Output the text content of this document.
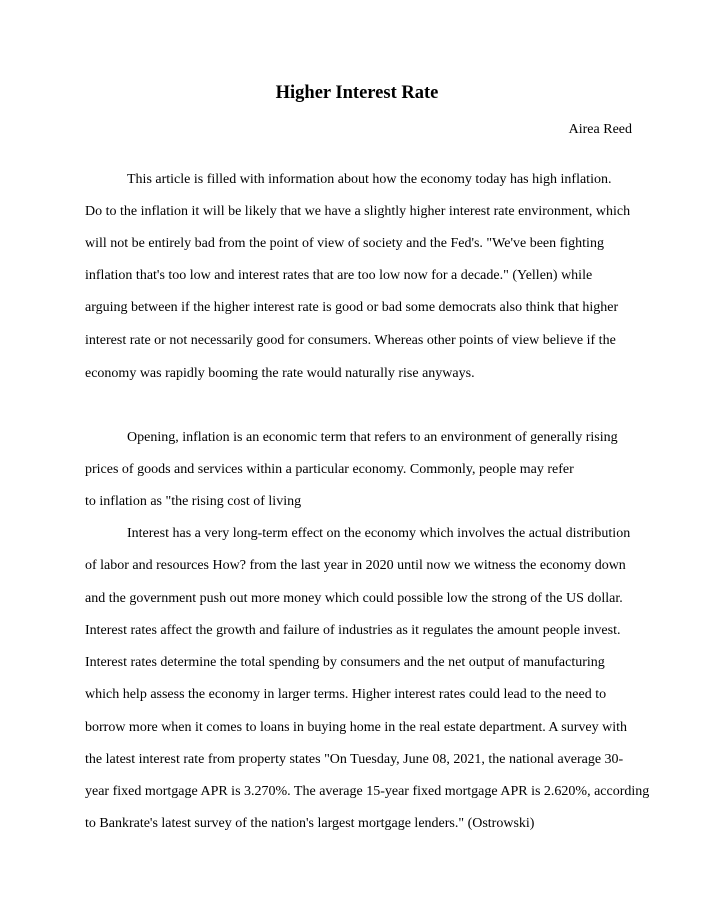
Higher Interest Rate
Airea Reed
This article is filled with information about how the economy today has high inflation.
Do to the inflation it will be likely that we have a slightly higher interest rate environment, which
will not be entirely bad from the point of view of society and the Fed's. "We've been fighting
inflation that's too low and interest rates that are too low now for a decade." (Yellen) while
arguing between if the higher interest rate is good or bad some democrats also think that higher
interest rate or not necessarily good for consumers. Whereas other points of view believe if the
economy was rapidly booming the rate would naturally rise anyways.
Opening, inflation is an economic term that refers to an environment of generally rising
prices of goods and services within a particular economy. Commonly, people may refer
to inflation as "the rising cost of living
Interest has a very long-term effect on the economy which involves the actual distribution
of labor and resources How? from the last year in 2020 until now we witness the economy down
and the government push out more money which could possible low the strong of the US dollar.
Interest rates affect the growth and failure of industries as it regulates the amount people invest.
Interest rates determine the total spending by consumers and the net output of manufacturing
which help assess the economy in larger terms. Higher interest rates could lead to the need to
borrow more when it comes to loans in buying home in the real estate department. A survey with
the latest interest rate from property states "On Tuesday, June 08, 2021, the national average 30-
year fixed mortgage APR is 3.270%. The average 15-year fixed mortgage APR is 2.620%, according
to Bankrate's latest survey of the nation's largest mortgage lenders." (Ostrowski)
